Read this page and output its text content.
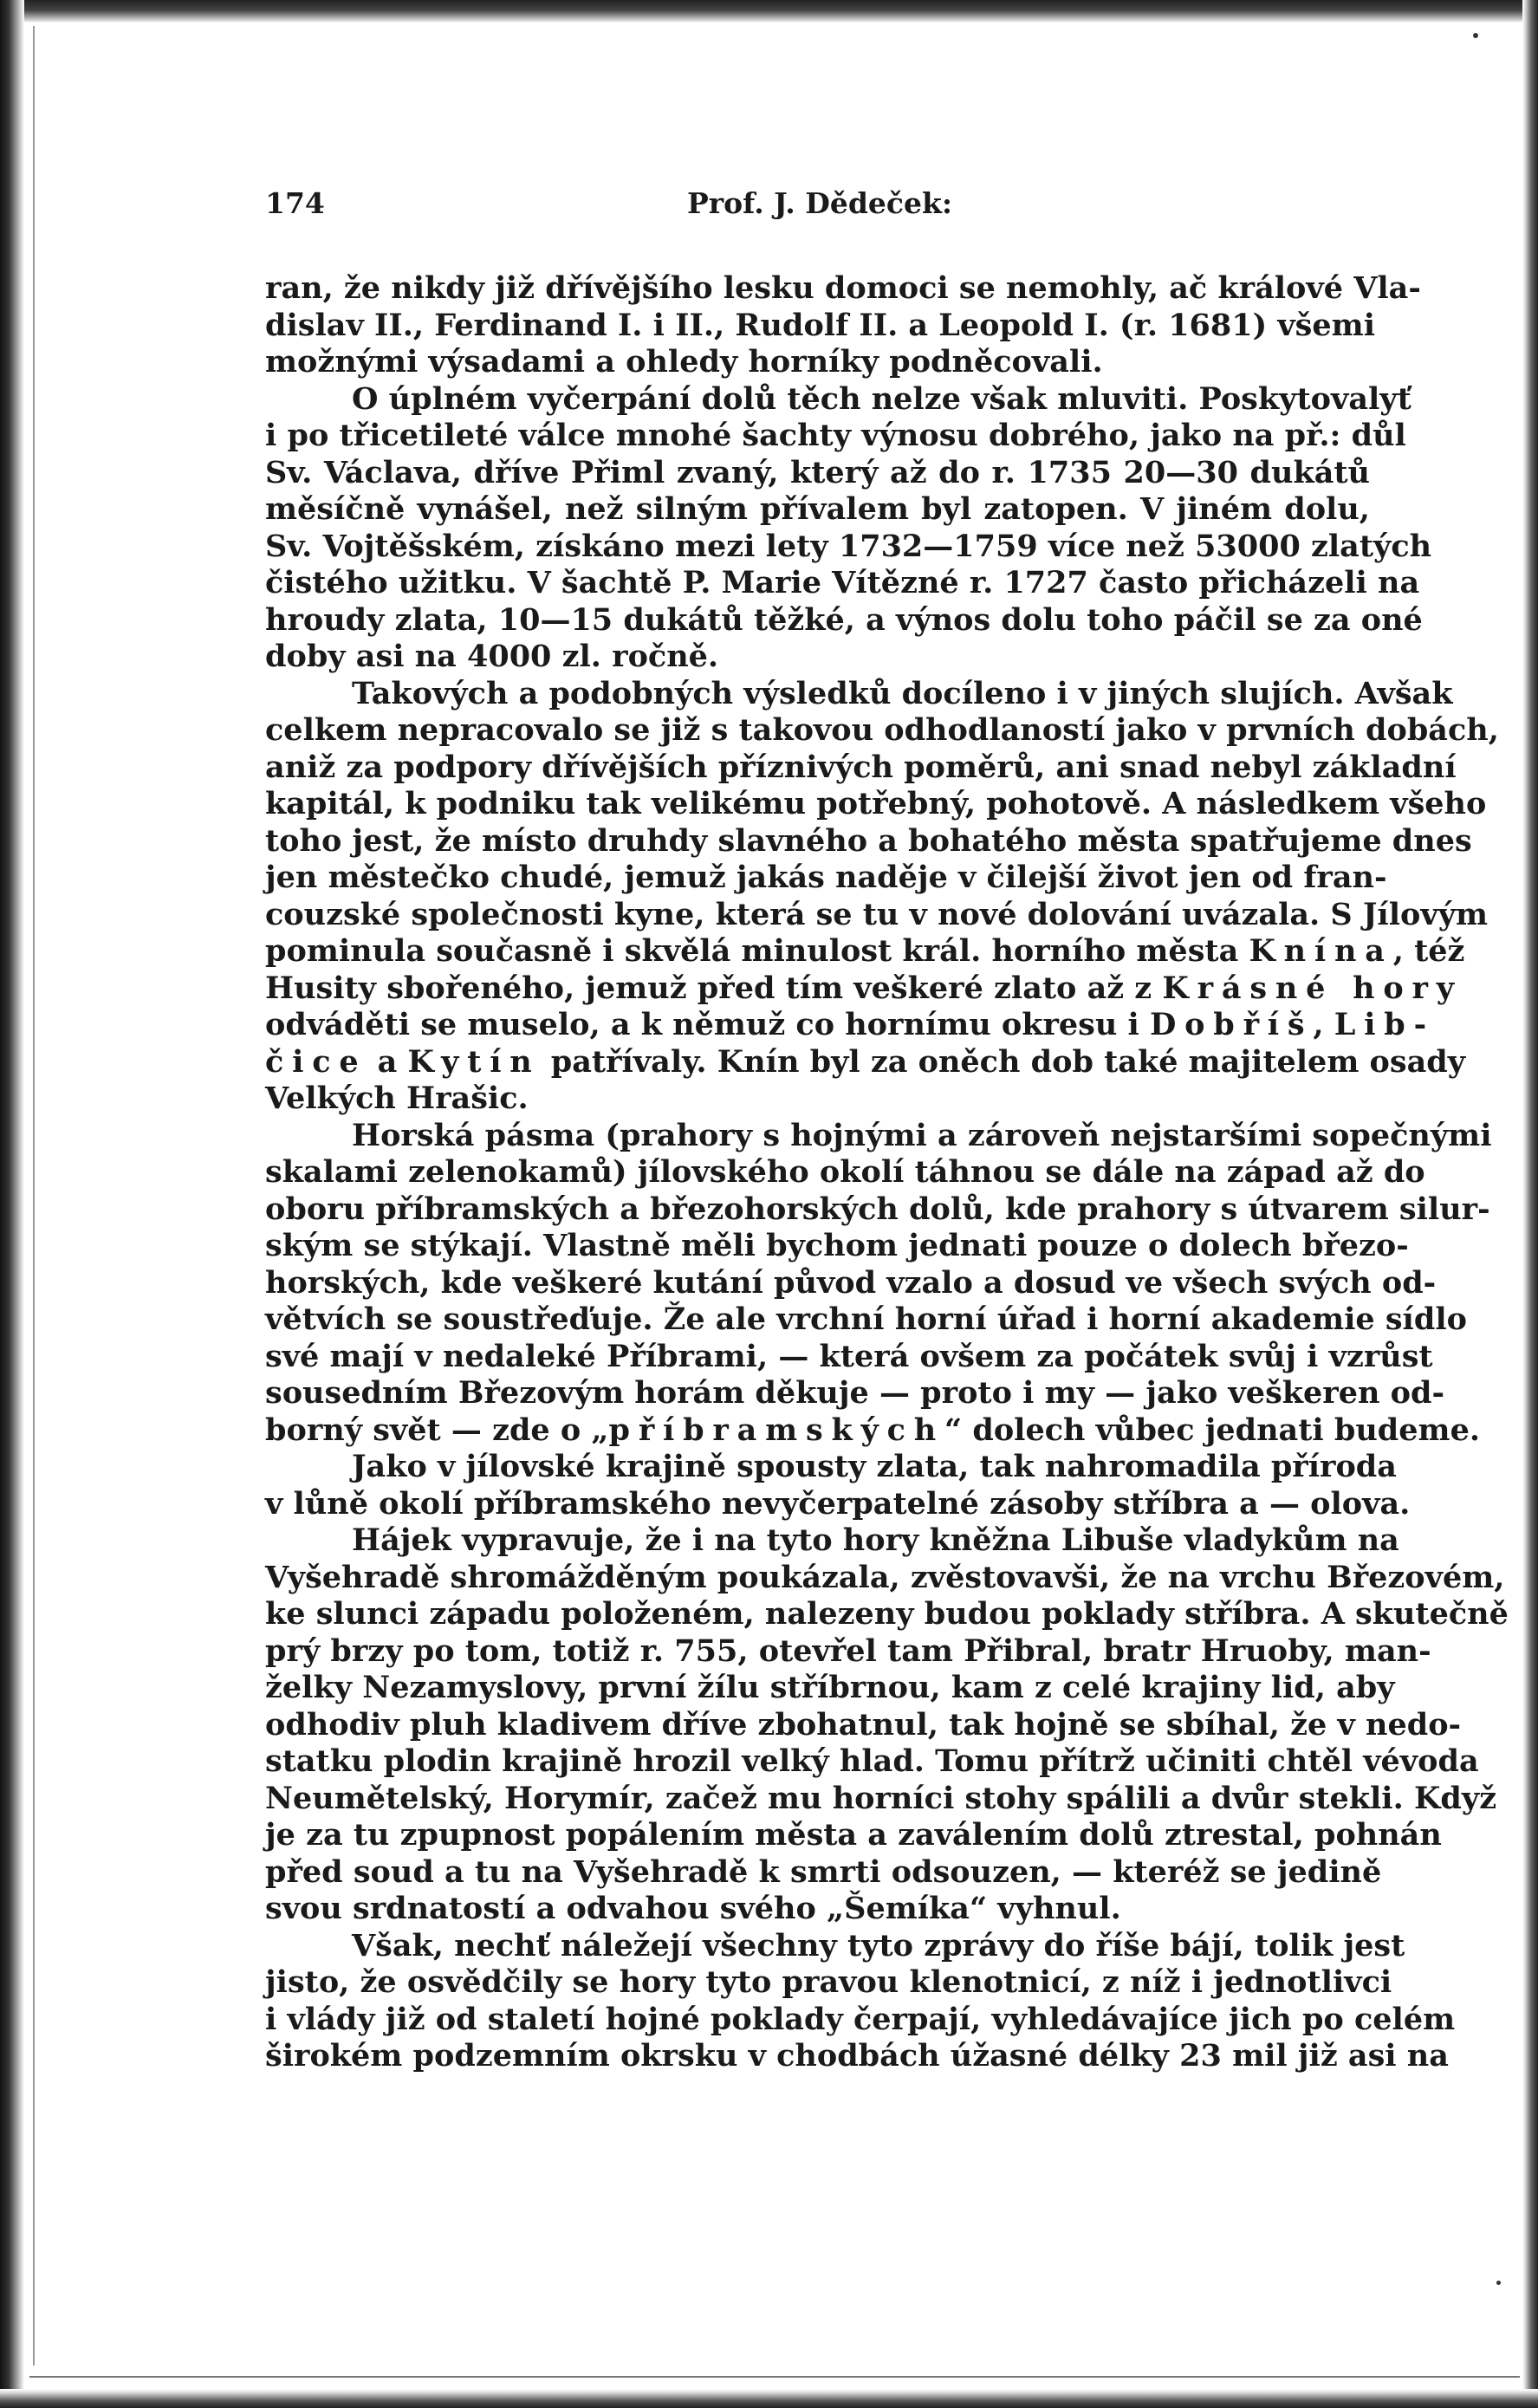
174	Prof. J. Dědeček:

ran, že nikdy již dřívějšího lesku domoci se nemohly, ač králové Vla-
dislav II., Ferdinand I. i II., Rudolf II. a Leopold I. (r. 1681) všemi
možnými výsadami a ohledy horníky podněcovali.

O úplném vyčerpání dolů těch nelze však mluviti. Poskytovalyť
i po třicetileté válce mnohé šachty výnosu dobrého, jako na př.: důl
Sv. Václava, dříve Přiml zvaný, který až do r. 1735 20—30 dukátů
měsíčně vynášel, než silným přívalem byl zatopen. V jiném dolu,
Sv. Vojtěšském, získáno mezi lety 1732—1759 více než 53000 zlatých
čistého užitku. V šachtě P. Marie Vítězné r. 1727 často přicházeli na
hroudy zlata, 10—15 dukátů těžké, a výnos dolu toho páčil se za oné
doby asi na 4000 zl. ročně.

Takových a podobných výsledků docíleno i v jiných slujích. Avšak
celkem nepracovalo se již s takovou odhodlaností jako v prvních dobách,
aniž za podpory dřívějších příznivých poměrů, ani snad nebyl základní
kapitál, k podniku tak velikému potřebný, pohotově. A následkem všeho
toho jest, že místo druhdy slavného a bohatého města spatřujeme dnes
jen městečko chudé, jemuž jakás naděje v čilejší život jen od fran-
couzské společnosti kyne, která se tu v nové dolování uvázala. S Jílovým
pominula současně i skvělá minulost král. horního města Knína, též
Husity sbořeného, jemuž před tím veškeré zlato až z Krásné hory
odváděti se muselo, a k němuž co hornímu okresu i Dobříš, Lib-
čice a Kytín patřívaly. Knín byl za oněch dob také majitelem osady
Velkých Hrašic.

Horská pásma (prahory s hojnými a zároveň nejstaršími sopečnými
skalami zelenokamů) jílovského okolí táhnou se dále na západ až do
oboru příbramských a březohorských dolů, kde prahory s útvarem silur-
ským se stýkají. Vlastně měli bychom jednati pouze o dolech březo-
horských, kde veškeré kutání původ vzalo a dosud ve všech svých od-
větvích se soustřeďuje. Že ale vrchní horní úřad i horní akademie sídlo
své mají v nedaleké Příbrami, — která ovšem za počátek svůj i vzrůst
sousedním Březovým horám děkuje — proto i my — jako veškeren od-
borný svět — zde o „příbramských“ dolech vůbec jednati budeme.

Jako v jílovské krajině spousty zlata, tak nahromadila příroda
v lůně okolí příbramského nevyčerpatelné zásoby stříbra a — olova.

Hájek vypravuje, že i na tyto hory kněžna Libuše vladykům na
Vyšehradě shromážděným poukázala, zvěstovavši, že na vrchu Březovém,
ke slunci západu položeném, nalezeny budou poklady stříbra. A skutečně
prý brzy po tom, totiž r. 755, otevřel tam Přibral, bratr Hruoby, man-
želky Nezamyslovy, první žílu stříbrnou, kam z celé krajiny lid, aby
odhodiv pluh kladivem dříve zbohatnul, tak hojně se sbíhal, že v nedo-
statku plodin krajině hrozil velký hlad. Tomu přítrž učiniti chtěl vévoda
Neumětelský, Horymír, začež mu horníci stohy spálili a dvůr stekli. Když
je za tu zpupnost popálením města a zaválením dolů ztrestal, pohnán
před soud a tu na Vyšehradě k smrti odsouzen, — kteréž se jedině
svou srdnatostí a odvahou svého „Šemíka“ vyhnul.

Však, nechť náležejí všechny tyto zprávy do říše bájí, tolik jest
jisto, že osvědčily se hory tyto pravou klenotnicí, z níž i jednotlivci
i vlády již od staletí hojné poklady čerpají, vyhledávajíce jich po celém
širokém podzemním okrsku v chodbách úžasné délky 23 mil již asi na
